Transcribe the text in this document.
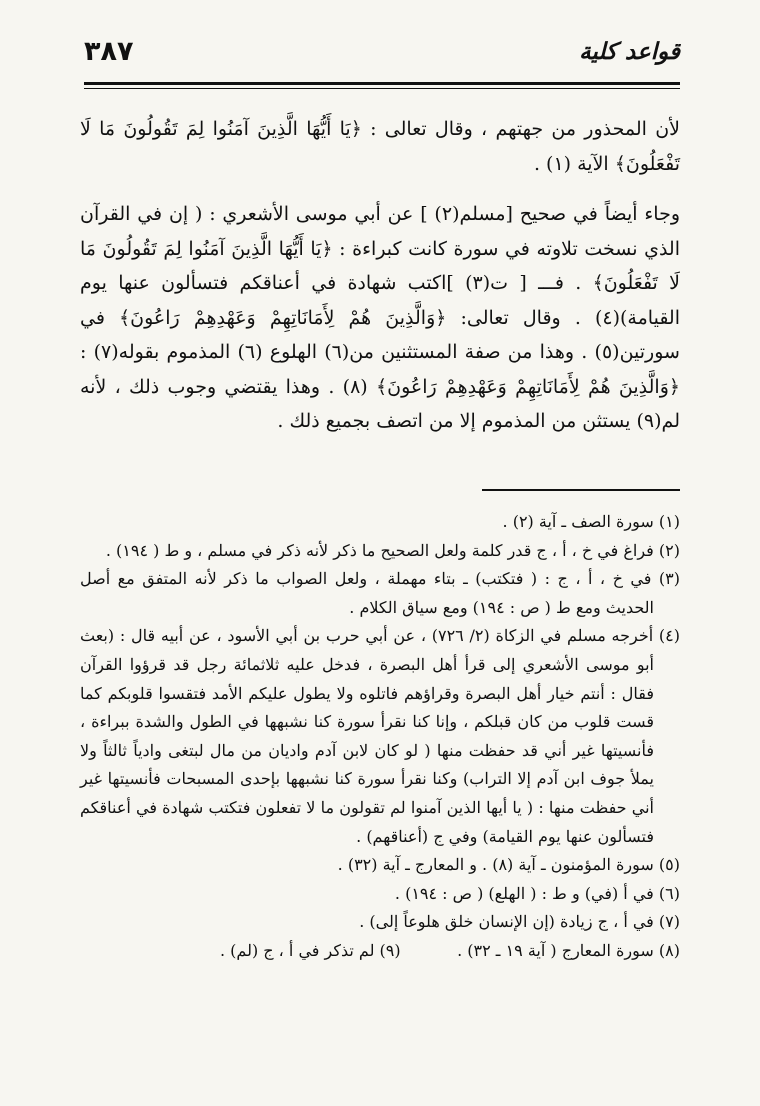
قواعد كلية
٣٨٧

لأن المحذور من جهتهم ، وقال تعالى : ﴿يَا أَيُّهَا الَّذِينَ آمَنُوا لِمَ تَقُولُونَ مَا لَا تَفْعَلُونَ﴾ الآية (١) .

وجاء أيضاً في صحيح [مسلم(٢) ] عن أبي موسى الأشعري : ( إن في القرآن الذي نسخت تلاوته في سورة كانت كبراءة : ﴿يَا أَيُّهَا الَّذِينَ آمَنُوا لِمَ تَقُولُونَ مَا لَا تَفْعَلُونَ﴾ . فـــ [ ت(٣) ]اكتب شهادة في أعناقكم فتسألون عنها يوم القيامة)(٤) . وقال تعالى: ﴿وَالَّذِينَ هُمْ لِأَمَانَاتِهِمْ وَعَهْدِهِمْ رَاعُونَ﴾ في سورتين(٥) . وهذا من صفة المستثنين من(٦) الهلوع (٦) المذموم بقوله(٧) : ﴿وَالَّذِينَ هُمْ لِأَمَانَاتِهِمْ وَعَهْدِهِمْ رَاعُونَ﴾ (٨) . وهذا يقتضي وجوب ذلك ، لأنه لم(٩) يستثن من المذموم إلا من اتصف بجميع ذلك .

(١) سورة الصف ـ آية (٢) .

(٢) فراغ في خ ، أ ، ج قدر كلمة ولعل الصحيح ما ذكر لأنه ذكر في مسلم ، و ط ( ١٩٤) .

(٣) في خ ، أ ، ج : ( فتكتب) ـ بتاء مهملة ، ولعل الصواب ما ذكر لأنه المتفق مع أصل الحديث ومع ط ( ص : ١٩٤) ومع سياق الكلام .

(٤) أخرجه مسلم في الزكاة (٢/ ٧٢٦) ، عن أبي حرب بن أبي الأسود ، عن أبيه قال : (بعث أبو موسى الأشعري إلى قرأ أهل البصرة ، فدخل عليه ثلاثمائة رجل قد قرؤوا القرآن فقال : أنتم خيار أهل البصرة وقراؤهم فاتلوه ولا يطول عليكم الأمد فتقسوا قلوبكم كما قست قلوب من كان قبلكم ، وإنا كنا نقرأ سورة كنا نشبهها في الطول والشدة ببراءة ، فأنسيتها غير أني قد حفظت منها ( لو كان لابن آدم واديان من مال لبتغى وادياً ثالثاً ولا يملأ جوف ابن آدم إلا التراب) وكنا نقرأ سورة كنا نشبهها بإحدى المسبحات فأنسيتها غير أني حفظت منها : ( يا أيها الذين آمنوا لم تقولون ما لا تفعلون فتكتب شهادة في أعناقكم فتسألون عنها يوم القيامة) وفي ج (أعناقهم) .

(٥) سورة المؤمنون ـ آية (٨) . و المعارج ـ آية (٣٢) .

(٦) في أ (في) و ط : ( الهلع) ( ص : ١٩٤) .

(٧) في أ ، ج زيادة (إن الإنسان خلق هلوعاً إلى) .

(٨) سورة المعارج ( آية ١٩ ـ ٣٢) .
(٩) لم تذكر في أ ، ج (لم) .
